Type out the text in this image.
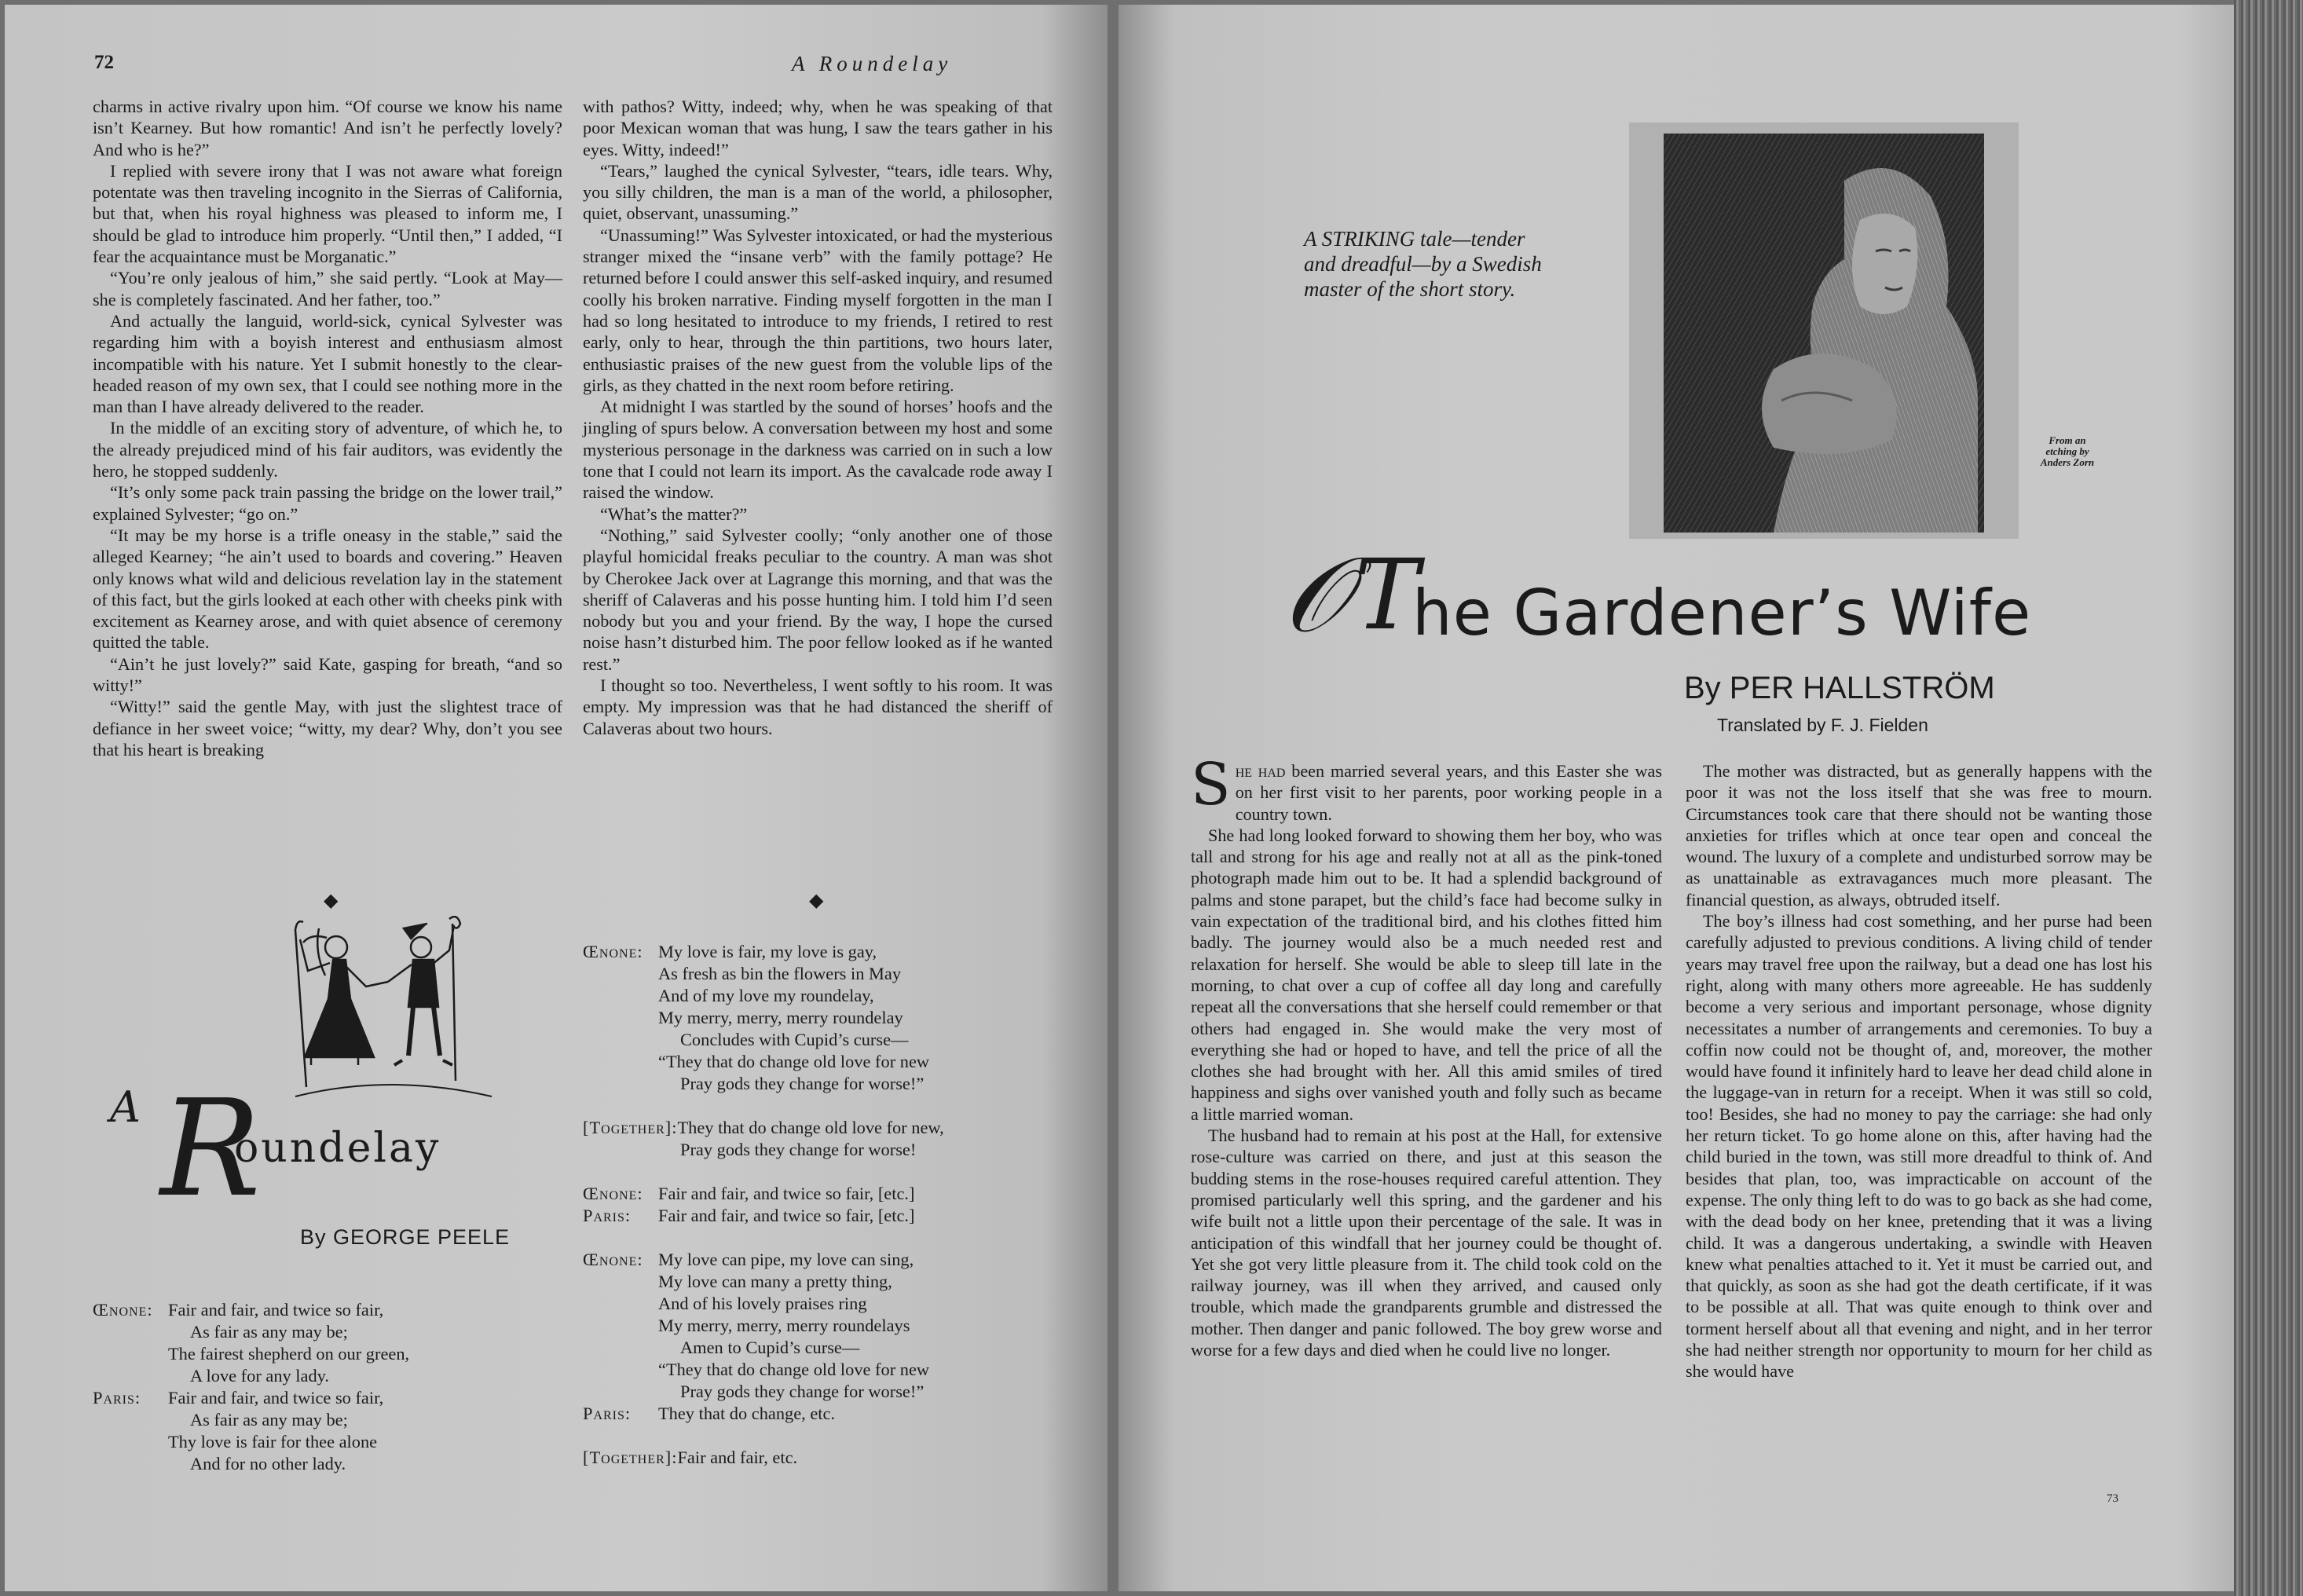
72	A Roundelay

charms in active rivalry upon him. “Of course we know his name isn’t Kearney. But how romantic! And isn’t he perfectly lovely? And who is he?”

I replied with severe irony that I was not aware what foreign potentate was then traveling incognito in the Sierras of California, but that, when his royal highness was pleased to inform me, I should be glad to introduce him properly. “Until then,” I added, “I fear the acquaintance must be Morganatic.”

“You’re only jealous of him,” she said pertly. “Look at May—she is completely fascinated. And her father, too.”

And actually the languid, world-sick, cynical Sylvester was regarding him with a boyish interest and enthusiasm almost incompatible with his nature. Yet I submit honestly to the clear-headed reason of my own sex, that I could see nothing more in the man than I have already delivered to the reader.

In the middle of an exciting story of adventure, of which he, to the already prejudiced mind of his fair auditors, was evidently the hero, he stopped suddenly.

“It’s only some pack train passing the bridge on the lower trail,” explained Sylvester; “go on.”

“It may be my horse is a trifle oneasy in the stable,” said the alleged Kearney; “he ain’t used to boards and covering.” Heaven only knows what wild and delicious revelation lay in the statement of this fact, but the girls looked at each other with cheeks pink with excitement as Kearney arose, and with quiet absence of ceremony quitted the table.

“Ain’t he just lovely?” said Kate, gasping for breath, “and so witty!”

“Witty!” said the gentle May, with just the slightest trace of defiance in her sweet voice; “witty, my dear? Why, don’t you see that his heart is breaking

with pathos? Witty, indeed; why, when he was speaking of that poor Mexican woman that was hung, I saw the tears gather in his eyes. Witty, indeed!”

“Tears,” laughed the cynical Sylvester, “tears, idle tears. Why, you silly children, the man is a man of the world, a philosopher, quiet, observant, unassuming.”

“Unassuming!” Was Sylvester intoxicated, or had the mysterious stranger mixed the “insane verb” with the family pottage? He returned before I could answer this self-asked inquiry, and resumed coolly his broken narrative. Finding myself forgotten in the man I had so long hesitated to introduce to my friends, I retired to rest early, only to hear, through the thin partitions, two hours later, enthusiastic praises of the new guest from the voluble lips of the girls, as they chatted in the next room before retiring.

At midnight I was startled by the sound of horses’ hoofs and the jingling of spurs below. A conversation between my host and some mysterious personage in the darkness was carried on in such a low tone that I could not learn its import. As the cavalcade rode away I raised the window.

“What’s the matter?”

“Nothing,” said Sylvester coolly; “only another one of those playful homicidal freaks peculiar to the country. A man was shot by Cherokee Jack over at Lagrange this morning, and that was the sheriff of Calaveras and his posse hunting him. I told him I’d seen nobody but you and your friend. By the way, I hope the cursed noise hasn’t disturbed him. The poor fellow looked as if he wanted rest.”

I thought so too. Nevertheless, I went softly to his room. It was empty. My impression was that he had distanced the sheriff of Calaveras about two hours.

◆	◆
A R
oundelay
By GEORGE PEELE
Œnone: Fair and fair, and twice so fair,
As fair as any may be;
The fairest shepherd on our green,
A love for any lady.
Paris: Fair and fair, and twice so fair,
As fair as any may be;
Thy love is fair for thee alone
And for no other lady.
Œnone: My love is fair, my love is gay,
As fresh as bin the flowers in May
And of my love my roundelay,
My merry, merry, merry roundelay
Concludes with Cupid’s curse—
“They that do change old love for new
Pray gods they change for worse!”

[Together]:They that do change old love for new,
Pray gods they change for worse!

Œnone: Fair and fair, and twice so fair, [etc.]
Paris: Fair and fair, and twice so fair, [etc.]

Œnone: My love can pipe, my love can sing,
My love can many a pretty thing,
And of his lovely praises ring
My merry, merry, merry roundelays
Amen to Cupid’s curse—
“They that do change old love for new
Pray gods they change for worse!”
Paris: They that do change, etc.

[Together]:Fair and fair, etc.
A STRIKING tale—tender
and dreadful—by a Swedish
master of the short story.
From an
etching by
Anders Zorn
𝒪 T
he Gardener’s Wife
By PER HALLSTRÖM
Translated by F. J. Fielden

She had been married several years, and this Easter she was on her first visit to her parents, poor working people in a country town.

She had long looked forward to showing them her boy, who was tall and strong for his age and really not at all as the pink-toned photograph made him out to be. It had a splendid background of palms and stone parapet, but the child’s face had become sulky in vain expectation of the traditional bird, and his clothes fitted him badly. The journey would also be a much needed rest and relaxation for herself. She would be able to sleep till late in the morning, to chat over a cup of coffee all day long and carefully repeat all the conversations that she herself could remember or that others had engaged in. She would make the very most of everything she had or hoped to have, and tell the price of all the clothes she had brought with her. All this amid smiles of tired happiness and sighs over vanished youth and folly such as became a little married woman.

The husband had to remain at his post at the Hall, for extensive rose-culture was carried on there, and just at this season the budding stems in the rose-houses required careful attention. They promised particularly well this spring, and the gardener and his wife built not a little upon their percentage of the sale. It was in anticipation of this windfall that her journey could be thought of. Yet she got very little pleasure from it. The child took cold on the railway journey, was ill when they arrived, and caused only trouble, which made the grandparents grumble and distressed the mother. Then danger and panic followed. The boy grew worse and worse for a few days and died when he could live no longer.

The mother was distracted, but as generally happens with the poor it was not the loss itself that she was free to mourn. Circumstances took care that there should not be wanting those anxieties for trifles which at once tear open and conceal the wound. The luxury of a complete and undisturbed sorrow may be as unattainable as extravagances much more pleasant. The financial question, as always, obtruded itself.

The boy’s illness had cost something, and her purse had been carefully adjusted to previous conditions. A living child of tender years may travel free upon the railway, but a dead one has lost his right, along with many others more agreeable. He has suddenly become a very serious and important personage, whose dignity necessitates a number of arrangements and ceremonies. To buy a coffin now could not be thought of, and, moreover, the mother would have found it infinitely hard to leave her dead child alone in the luggage-van in return for a receipt. When it was still so cold, too! Besides, she had no money to pay the carriage: she had only her return ticket. To go home alone on this, after having had the child buried in the town, was still more dreadful to think of. And besides that plan, too, was impracticable on account of the expense. The only thing left to do was to go back as she had come, with the dead body on her knee, pretending that it was a living child. It was a dangerous undertaking, a swindle with Heaven knew what penalties attached to it. Yet it must be carried out, and that quickly, as soon as she had got the death certificate, if it was to be possible at all. That was quite enough to think over and torment herself about all that evening and night, and in her terror she had neither strength nor opportunity to mourn for her child as she would have

73
